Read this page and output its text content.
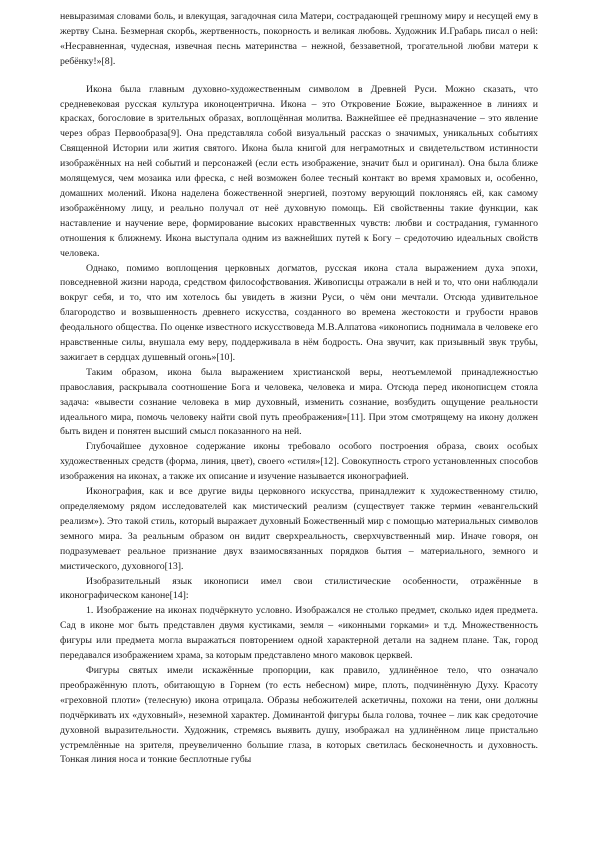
невыразимая словами боль, и влекущая, загадочная сила Матери, сострадающей грешному миру и несущей ему в жертву Сына. Безмерная скорбь, жертвенность, покорность и великая любовь. Художник И.Грабарь писал о ней: «Несравненная, чудесная, извечная песнь материнства – нежной, беззаветной, трогательной любви матери к ребёнку!»[8].

Икона была главным духовно-художественным символом в Древней Руси. Можно сказать, что средневековая русская культура иконоцентрична. Икона – это Откровение Божие, выраженное в линиях и красках, богословие в зрительных образах, воплощённая молитва. Важнейшее её предназначение – это явление через образ Первообраза[9]. Она представляла собой визуальный рассказ о значимых, уникальных событиях Священной Истории или жития святого. Икона была книгой для неграмотных и свидетельством истинности изображённых на ней событий и персонажей (если есть изображение, значит был и оригинал). Она была ближе молящемуся, чем мозаика или фреска, с ней возможен более тесный контакт во время храмовых и, особенно, домашних молений. Икона наделена божественной энергией, поэтому верующий поклоняясь ей, как самому изображённому лицу, и реально получал от неё духовную помощь. Ей свойственны такие функции, как наставление и научение вере, формирование высоких нравственных чувств: любви и сострадания, гуманного отношения к ближнему. Икона выступала одним из важнейших путей к Богу – средоточию идеальных свойств человека.

Однако, помимо воплощения церковных догматов, русская икона стала выражением духа эпохи, повседневной жизни народа, средством философствования. Живописцы отражали в ней и то, что они наблюдали вокруг себя, и то, что им хотелось бы увидеть в жизни Руси, о чём они мечтали. Отсюда удивительное благородство и возвышенность древнего искусства, созданного во времена жестокости и грубости нравов феодального общества. По оценке известного искусствоведа М.В.Алпатова «иконопись поднимала в человеке его нравственные силы, внушала ему веру, поддерживала в нём бодрость. Она звучит, как призывный звук трубы, зажигает в сердцах душевный огонь»[10].

Таким образом, икона была выражением христианской веры, неотъемлемой принадлежностью православия, раскрывала соотношение Бога и человека, человека и мира. Отсюда перед иконописцем стояла задача: «вывести сознание человека в мир духовный, изменить сознание, возбудить ощущение реальности идеального мира, помочь человеку найти свой путь преображения»[11]. При этом смотрящему на икону должен быть виден и понятен высший смысл показанного на ней.

Глубочайшее духовное содержание иконы требовало особого построения образа, своих особых художественных средств (форма, линия, цвет), своего «стиля»[12]. Совокупность строго установленных способов изображения на иконах, а также их описание и изучение называется иконографией.

Иконография, как и все другие виды церковного искусства, принадлежит к художественному стилю, определяемому рядом исследователей как мистический реализм (существует также термин «евангельский реализм»). Это такой стиль, который выражает духовный Божественный мир с помощью материальных символов земного мира. За реальным образом он видит сверхреальность, сверхчувственный мир. Иначе говоря, он подразумевает реальное признание двух взаимосвязанных порядков бытия – материального, земного и мистического, духовного[13].

Изобразительный язык иконописи имел свои стилистические особенности, отражённые в иконографическом каноне[14]:

1. Изображение на иконах подчёркнуто условно. Изображался не столько предмет, сколько идея предмета. Сад в иконе мог быть представлен двумя кустиками, земля – «иконными горками» и т.д. Множественность фигуры или предмета могла выражаться повторением одной характерной детали на заднем плане. Так, город передавался изображением храма, за которым представлено много маковок церквей.

Фигуры святых имели искажённые пропорции, как правило, удлинённое тело, что означало преображённую плоть, обитающую в Горнем (то есть небесном) мире, плоть, подчинённую Духу. Красоту «греховной плоти» (телесную) икона отрицала. Образы небожителей аскетичны, похожи на тени, они должны подчёркивать их «духовный», неземной характер. Доминантой фигуры была голова, точнее – лик как средоточие духовной выразительности. Художник, стремясь выявить душу, изображал на удлинённом лице пристально устремлённые на зрителя, преувеличенно большие глаза, в которых светилась бесконечность и духовность. Тонкая линия носа и тонкие бесплотные губы
